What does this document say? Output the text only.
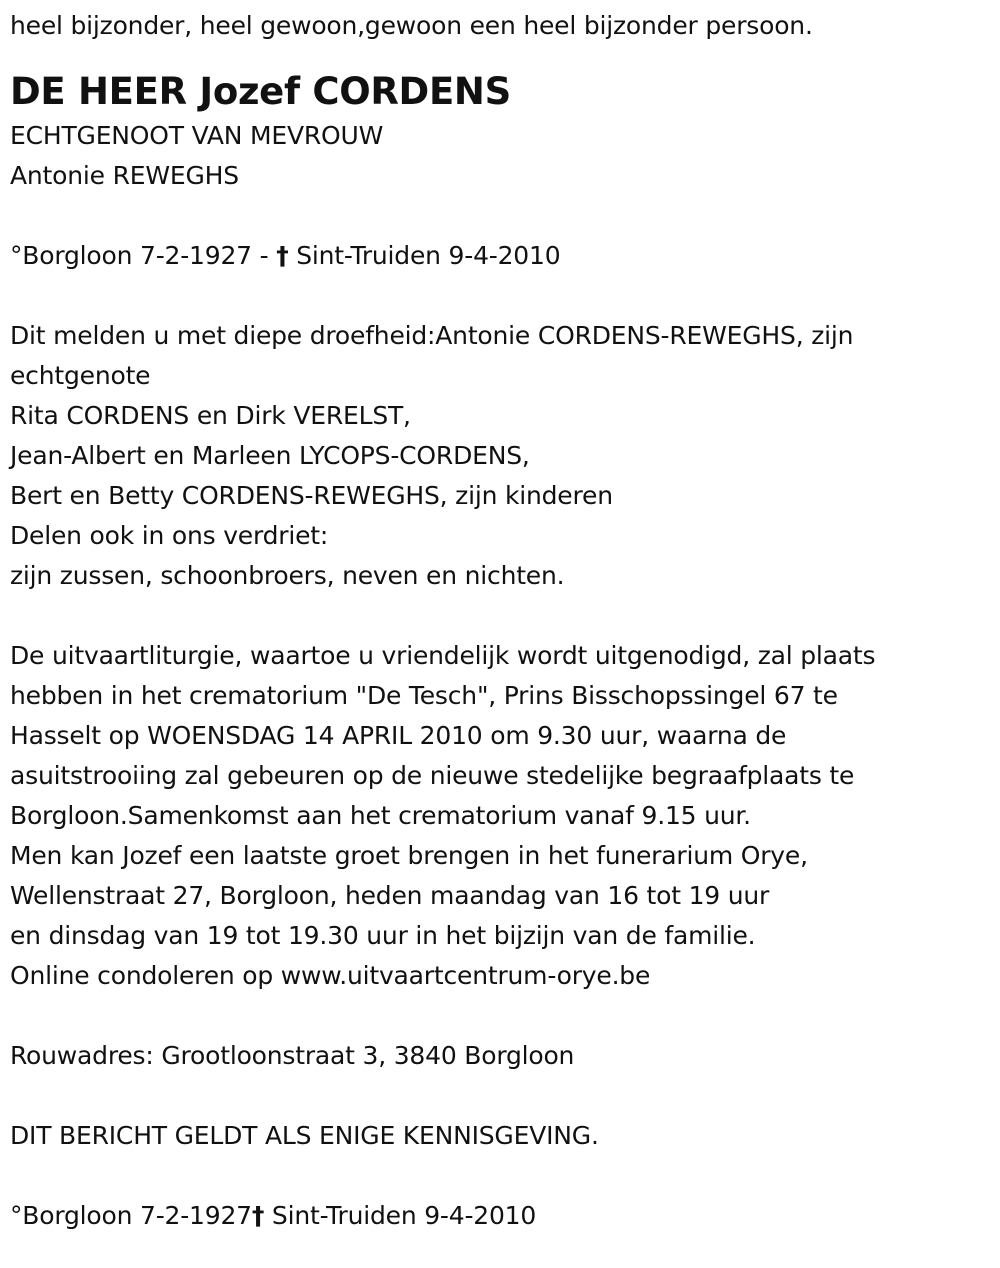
heel bijzonder, heel gewoon,gewoon een heel bijzonder persoon.
DE HEER Jozef CORDENS
ECHTGENOOT VAN MEVROUW
Antonie REWEGHS
°Borgloon 7-2-1927 - † Sint-Truiden 9-4-2010
Dit melden u met diepe droefheid:Antonie CORDENS-REWEGHS, zijn echtgenote
Rita CORDENS en Dirk VERELST,
Jean-Albert en Marleen LYCOPS-CORDENS,
Bert en Betty CORDENS-REWEGHS, zijn kinderen
Delen ook in ons verdriet:
zijn zussen, schoonbroers, neven en nichten.
De uitvaartliturgie, waartoe u vriendelijk wordt uitgenodigd, zal plaats
hebben in het crematorium "De Tesch", Prins Bisschopssingel 67 te
Hasselt op WOENSDAG 14 APRIL 2010 om 9.30 uur, waarna de
asuitstrooiing zal gebeuren op de nieuwe stedelijke begraafplaats te
Borgloon.Samenkomst aan het crematorium vanaf 9.15 uur.
Men kan Jozef een laatste groet brengen in het funerarium Orye,
Wellenstraat 27, Borgloon, heden maandag van 16 tot 19 uur
en dinsdag van 19 tot 19.30 uur in het bijzijn van de familie.
Online condoleren op www.uitvaartcentrum-orye.be
Rouwadres: Grootloonstraat 3, 3840 Borgloon
DIT BERICHT GELDT ALS ENIGE KENNISGEVING.
°Borgloon 7-2-1927† Sint-Truiden 9-4-2010
